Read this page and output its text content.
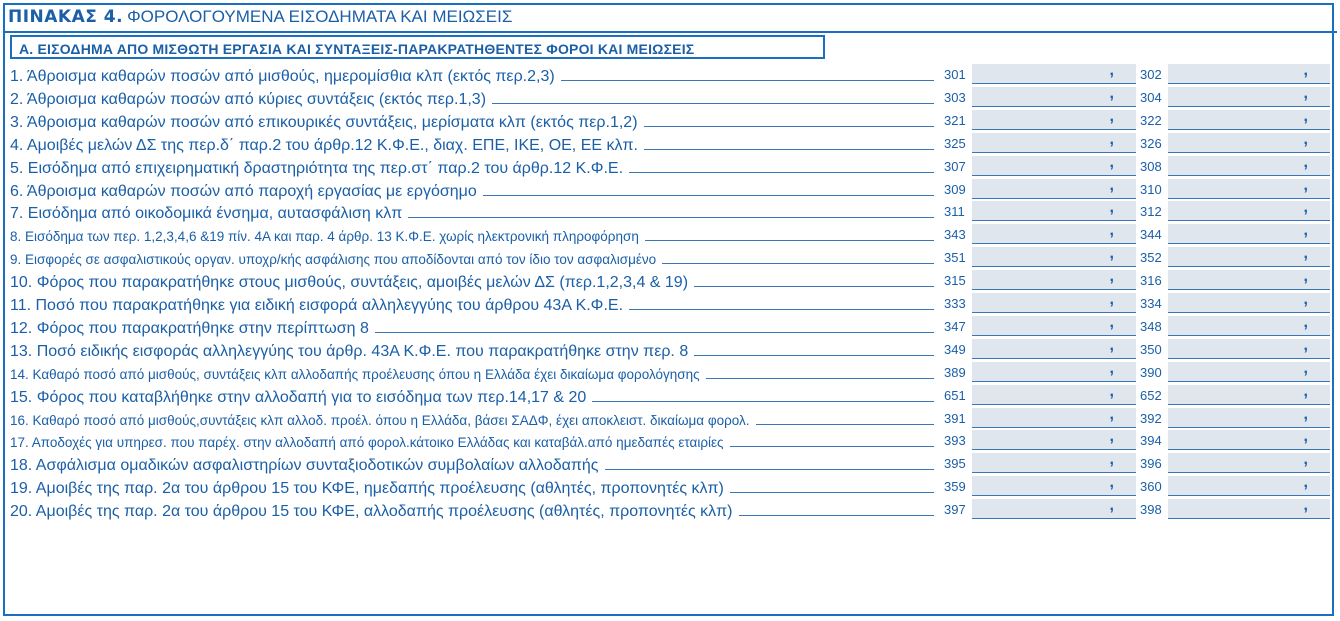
ΠΙΝΑΚΑΣ 4. ΦΟΡΟΛΟΓΟΥΜΕΝΑ ΕΙΣΟΔΗΜΑΤΑ ΚΑΙ ΜΕΙΩΣΕΙΣ
Α. ΕΙΣΟΔΗΜΑ ΑΠΟ ΜΙΣΘΩΤΗ ΕΡΓΑΣΙΑ ΚΑΙ ΣΥΝΤΑΞΕΙΣ-ΠΑΡΑΚΡΑΤΗΘΕΝΤΕΣ ΦΟΡΟΙ ΚΑΙ ΜΕΙΩΣΕΙΣ
1. Άθροισμα καθαρών ποσών από μισθούς, ημερομίσθια κλπ (εκτός περ.2,3)	301	, 302	,
2. Άθροισμα καθαρών ποσών από κύριες συντάξεις (εκτός περ.1,3)	303	, 304	,
3. Άθροισμα καθαρών ποσών από επικουρικές συντάξεις, μερίσματα κλπ (εκτός περ.1,2)	321	, 322	,
4. Αμοιβές μελών ΔΣ της περ.δ΄ παρ.2 του άρθρ.12 Κ.Φ.Ε., διαχ. ΕΠΕ, ΙΚΕ, ΟΕ, ΕΕ κλπ.	325	, 326	,
5. Εισόδημα από επιχειρηματική δραστηριότητα της περ.στ΄ παρ.2 του άρθρ.12 Κ.Φ.Ε.	307	, 308	,
6. Άθροισμα καθαρών ποσών από παροχή εργασίας με εργόσημο	309	, 310	,
7. Εισόδημα από οικοδομικά ένσημα, αυτασφάλιση κλπ	311	, 312	,
8. Εισόδημα των περ. 1,2,3,4,6 &19 πίν. 4Α και παρ. 4 άρθρ. 13 Κ.Φ.Ε. χωρίς ηλεκτρονική πληροφόρηση	343	, 344	,
9. Εισφορές σε ασφαλιστικούς οργαν. υποχρ/κής ασφάλισης που αποδίδονται από τον ίδιο τον ασφαλισμένο	351	, 352	,
10. Φόρος που παρακρατήθηκε στους μισθούς, συντάξεις, αμοιβές μελών ΔΣ (περ.1,2,3,4 & 19)	315	, 316	,
11. Ποσό που παρακρατήθηκε για ειδική εισφορά αλληλεγγύης του άρθρου 43Α Κ.Φ.Ε.	333	, 334	,
12. Φόρος που παρακρατήθηκε στην περίπτωση 8	347	, 348	,
13. Ποσό ειδικής εισφοράς αλληλεγγύης του άρθρ. 43Α Κ.Φ.Ε. που παρακρατήθηκε στην περ. 8	349	, 350	,
14. Καθαρό ποσό από μισθούς, συντάξεις κλπ αλλοδαπής προέλευσης όπου η Ελλάδα έχει δικαίωμα φορολόγησης	389	, 390	,
15. Φόρος που καταβλήθηκε στην αλλοδαπή για το εισόδημα των περ.14,17 & 20	651	, 652	,
16. Καθαρό ποσό από μισθούς,συντάξεις κλπ αλλοδ. προέλ. όπου η Ελλάδα, βάσει ΣΑΔΦ, έχει αποκλειστ. δικαίωμα φορολ.	391	, 392	,
17. Αποδοχές για υπηρεσ. που παρέχ. στην αλλοδαπή από φορολ.κάτοικο Ελλάδας και καταβάλ.από ημεδαπές εταιρίες	393	, 394	,
18. Ασφάλισμα ομαδικών ασφαλιστηρίων συνταξιοδοτικών συμβολαίων αλλοδαπής	395	, 396	,
19. Αμοιβές της παρ. 2α του άρθρου 15 του ΚΦΕ, ημεδαπής προέλευσης (αθλητές, προπονητές κλπ)	359	, 360	,
20. Αμοιβές της παρ. 2α του άρθρου 15 του ΚΦΕ, αλλοδαπής προέλευσης (αθλητές, προπονητές κλπ)	397	, 398	,
